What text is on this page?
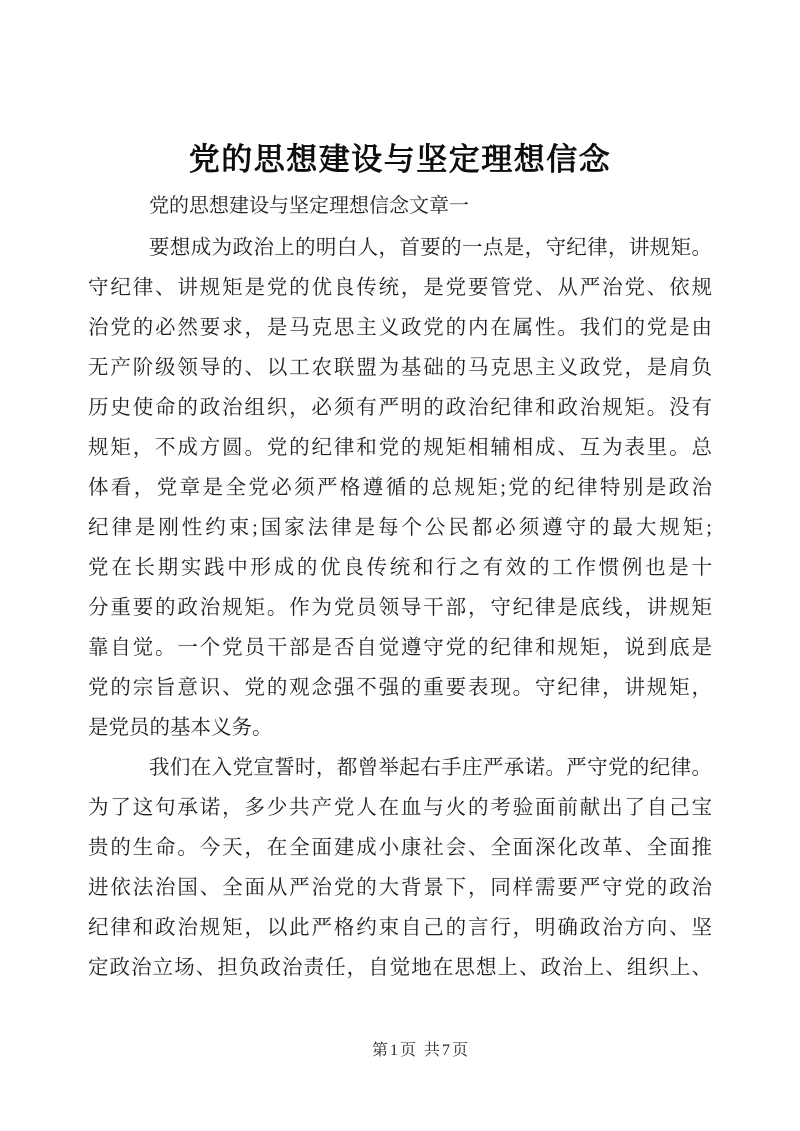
党的思想建设与坚定理想信念
党的思想建设与坚定理想信念文章一
要想成为政治上的明白人，首要的一点是，守纪律，讲规矩。
守纪律、讲规矩是党的优良传统，是党要管党、从严治党、依规
治党的必然要求，是马克思主义政党的内在属性。我们的党是由
无产阶级领导的、以工农联盟为基础的马克思主义政党，是肩负
历史使命的政治组织，必须有严明的政治纪律和政治规矩。没有
规矩，不成方圆。党的纪律和党的规矩相辅相成、互为表里。总
体看，党章是全党必须严格遵循的总规矩;党的纪律特别是政治
纪律是刚性约束;国家法律是每个公民都必须遵守的最大规矩;
党在长期实践中形成的优良传统和行之有效的工作惯例也是十
分重要的政治规矩。作为党员领导干部，守纪律是底线，讲规矩
靠自觉。一个党员干部是否自觉遵守党的纪律和规矩，说到底是
党的宗旨意识、党的观念强不强的重要表现。守纪律，讲规矩，
是党员的基本义务。
我们在入党宣誓时，都曾举起右手庄严承诺。严守党的纪律。
为了这句承诺，多少共产党人在血与火的考验面前献出了自己宝
贵的生命。今天，在全面建成小康社会、全面深化改革、全面推
进依法治国、全面从严治党的大背景下，同样需要严守党的政治
纪律和政治规矩，以此严格约束自己的言行，明确政治方向、坚
定政治立场、担负政治责任，自觉地在思想上、政治上、组织上、
第1页 共7页
